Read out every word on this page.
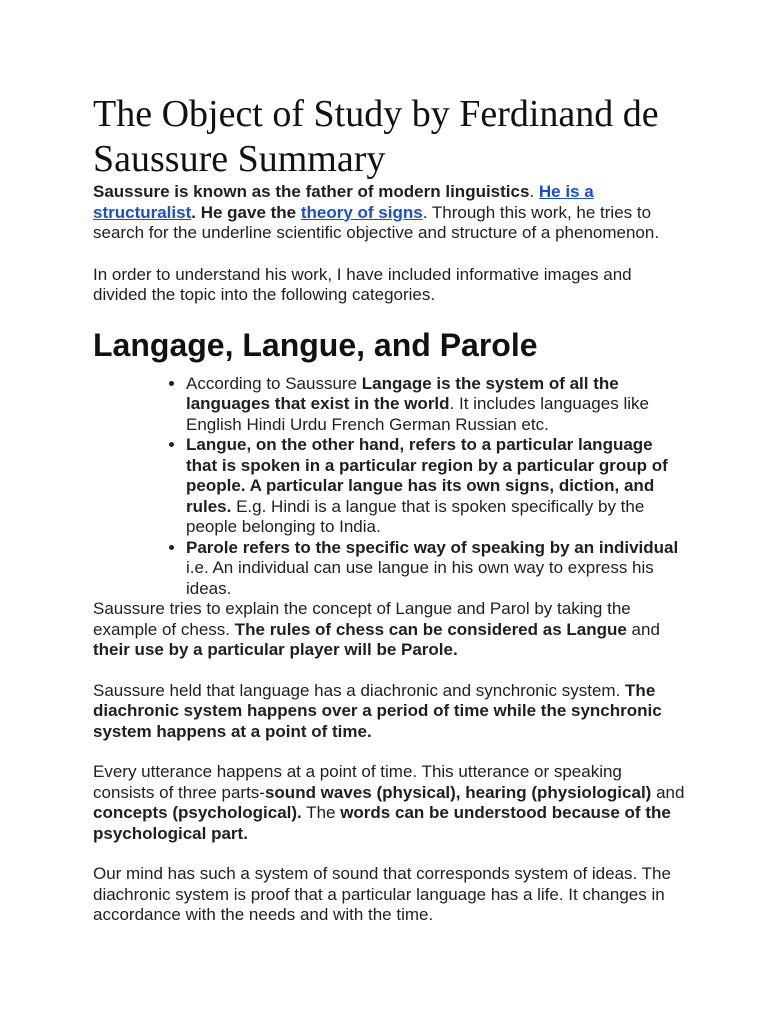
The Object of Study by Ferdinand de Saussure Summary

Saussure is known as the father of modern linguistics. He is a structuralist. He gave the theory of signs. Through this work, he tries to search for the underline scientific objective and structure of a phenomenon.

In order to understand his work, I have included informative images and divided the topic into the following categories.

Langage, Langue, and Parole
• According to Saussure Langage is the system of all the languages that exist in the world. It includes languages like English Hindi Urdu French German Russian etc.
• Langue, on the other hand, refers to a particular language that is spoken in a particular region by a particular group of people. A particular langue has its own signs, diction, and rules. E.g. Hindi is a langue that is spoken specifically by the people belonging to India.
• Parole refers to the specific way of speaking by an individual i.e. An individual can use langue in his own way to express his ideas.

Saussure tries to explain the concept of Langue and Parol by taking the example of chess. The rules of chess can be considered as Langue and their use by a particular player will be Parole.

Saussure held that language has a diachronic and synchronic system. The diachronic system happens over a period of time while the synchronic system happens at a point of time.

Every utterance happens at a point of time. This utterance or speaking consists of three parts-sound waves (physical), hearing (physiological) and concepts (psychological). The words can be understood because of the psychological part.

Our mind has such a system of sound that corresponds system of ideas. The diachronic system is proof that a particular language has a life. It changes in accordance with the needs and with the time.
